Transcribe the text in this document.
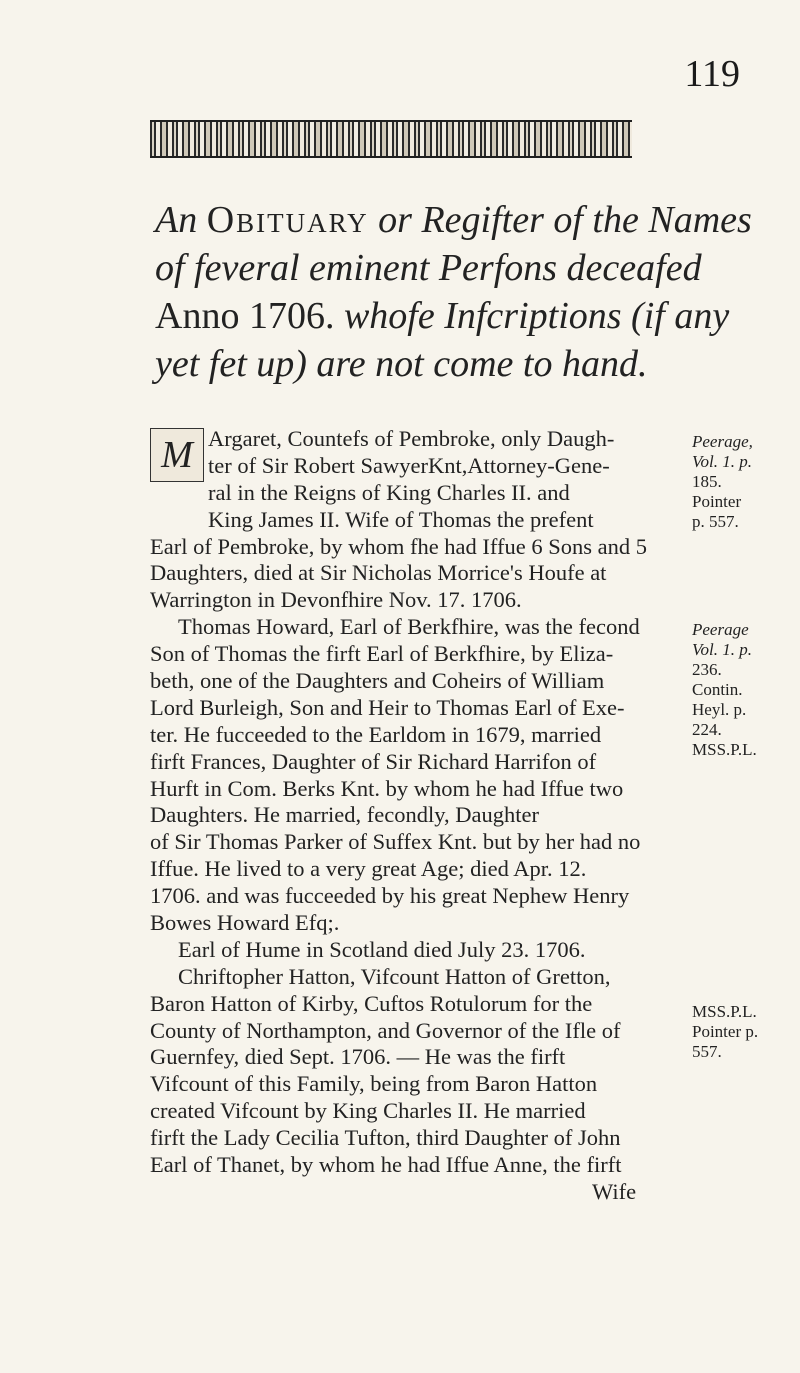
119
An Obituary or Regifter of the Names
of feveral eminent Perfons deceafed
Anno 1706. whofe Infcriptions (if any
yet fet up) are not come to hand.
M Argaret, Countefs of Pembroke, only Daugh-
ter of Sir Robert SawyerKnt,Attorney-Gene-
ral in the Reigns of King Charles II. and
King James II. Wife of Thomas the prefent
Earl of Pembroke, by whom fhe had Iffue 6 Sons and 5
Daughters, died at Sir Nicholas Morrice's Houfe at
Warrington in Devonfhire Nov. 17. 1706.
Thomas Howard, Earl of Berkfhire, was the fecond
Son of Thomas the firft Earl of Berkfhire, by Eliza-
beth, one of the Daughters and Coheirs of William
Lord Burleigh, Son and Heir to Thomas Earl of Exe-
ter. He fucceeded to the Earldom in 1679, married
firft Frances, Daughter of Sir Richard Harrifon of
Hurft in Com. Berks Knt. by whom he had Iffue two
Daughters. He married, fecondly, Daughter
of Sir Thomas Parker of Suffex Knt. but by her had no
Iffue. He lived to a very great Age; died Apr. 12.
1706. and was fucceeded by his great Nephew Henry
Bowes Howard Efq;.
Earl of Hume in Scotland died July 23. 1706.
Chriftopher Hatton, Vifcount Hatton of Gretton,
Baron Hatton of Kirby, Cuftos Rotulorum for the
County of Northampton, and Governor of the Ifle of
Guernfey, died Sept. 1706. — He was the firft
Vifcount of this Family, being from Baron Hatton
created Vifcount by King Charles II. He married
firft the Lady Cecilia Tufton, third Daughter of John
Earl of Thanet, by whom he had Iffue Anne, the firft
Wife
Peerage,
Vol. 1. p.
185.
Pointer
p. 557.
Peerage
Vol. 1. p.
236.
Contin.
Heyl. p.
224.
MSS.P.L.
MSS.P.L.
Pointer p.
557.
